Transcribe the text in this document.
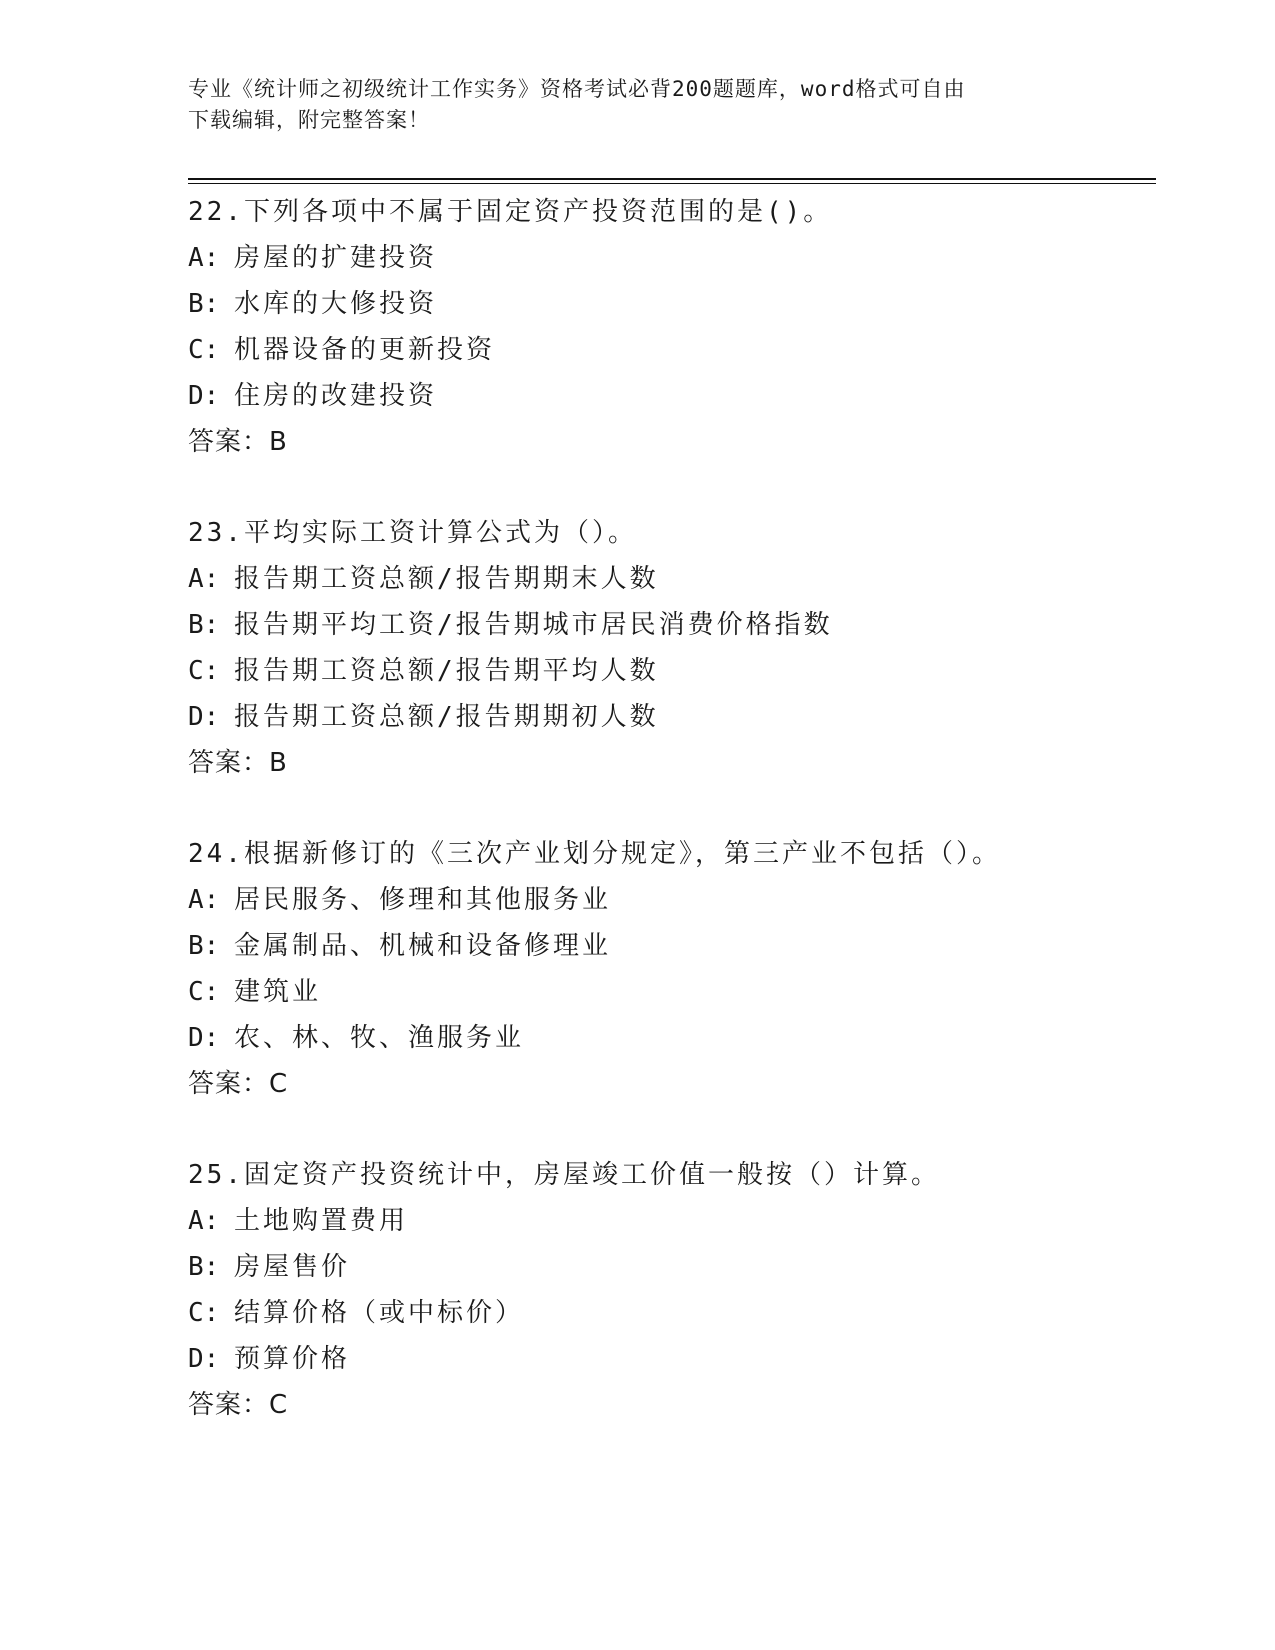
专业《统计师之初级统计工作实务》资格考试必背200题题库，word格式可自由
下载编辑，附完整答案！
22.下列各项中不属于固定资产投资范围的是()。
A: 房屋的扩建投资
B: 水库的大修投资
C: 机器设备的更新投资
D: 住房的改建投资
答案：B
23.平均实际工资计算公式为（）。
A: 报告期工资总额/报告期期末人数
B: 报告期平均工资/报告期城市居民消费价格指数
C: 报告期工资总额/报告期平均人数
D: 报告期工资总额/报告期期初人数
答案：B
24.根据新修订的《三次产业划分规定》，第三产业不包括（）。
A: 居民服务、修理和其他服务业
B: 金属制品、机械和设备修理业
C: 建筑业
D: 农、林、牧、渔服务业
答案：C
25.固定资产投资统计中，房屋竣工价值一般按（）计算。
A: 土地购置费用
B: 房屋售价
C: 结算价格（或中标价）
D: 预算价格
答案：C
